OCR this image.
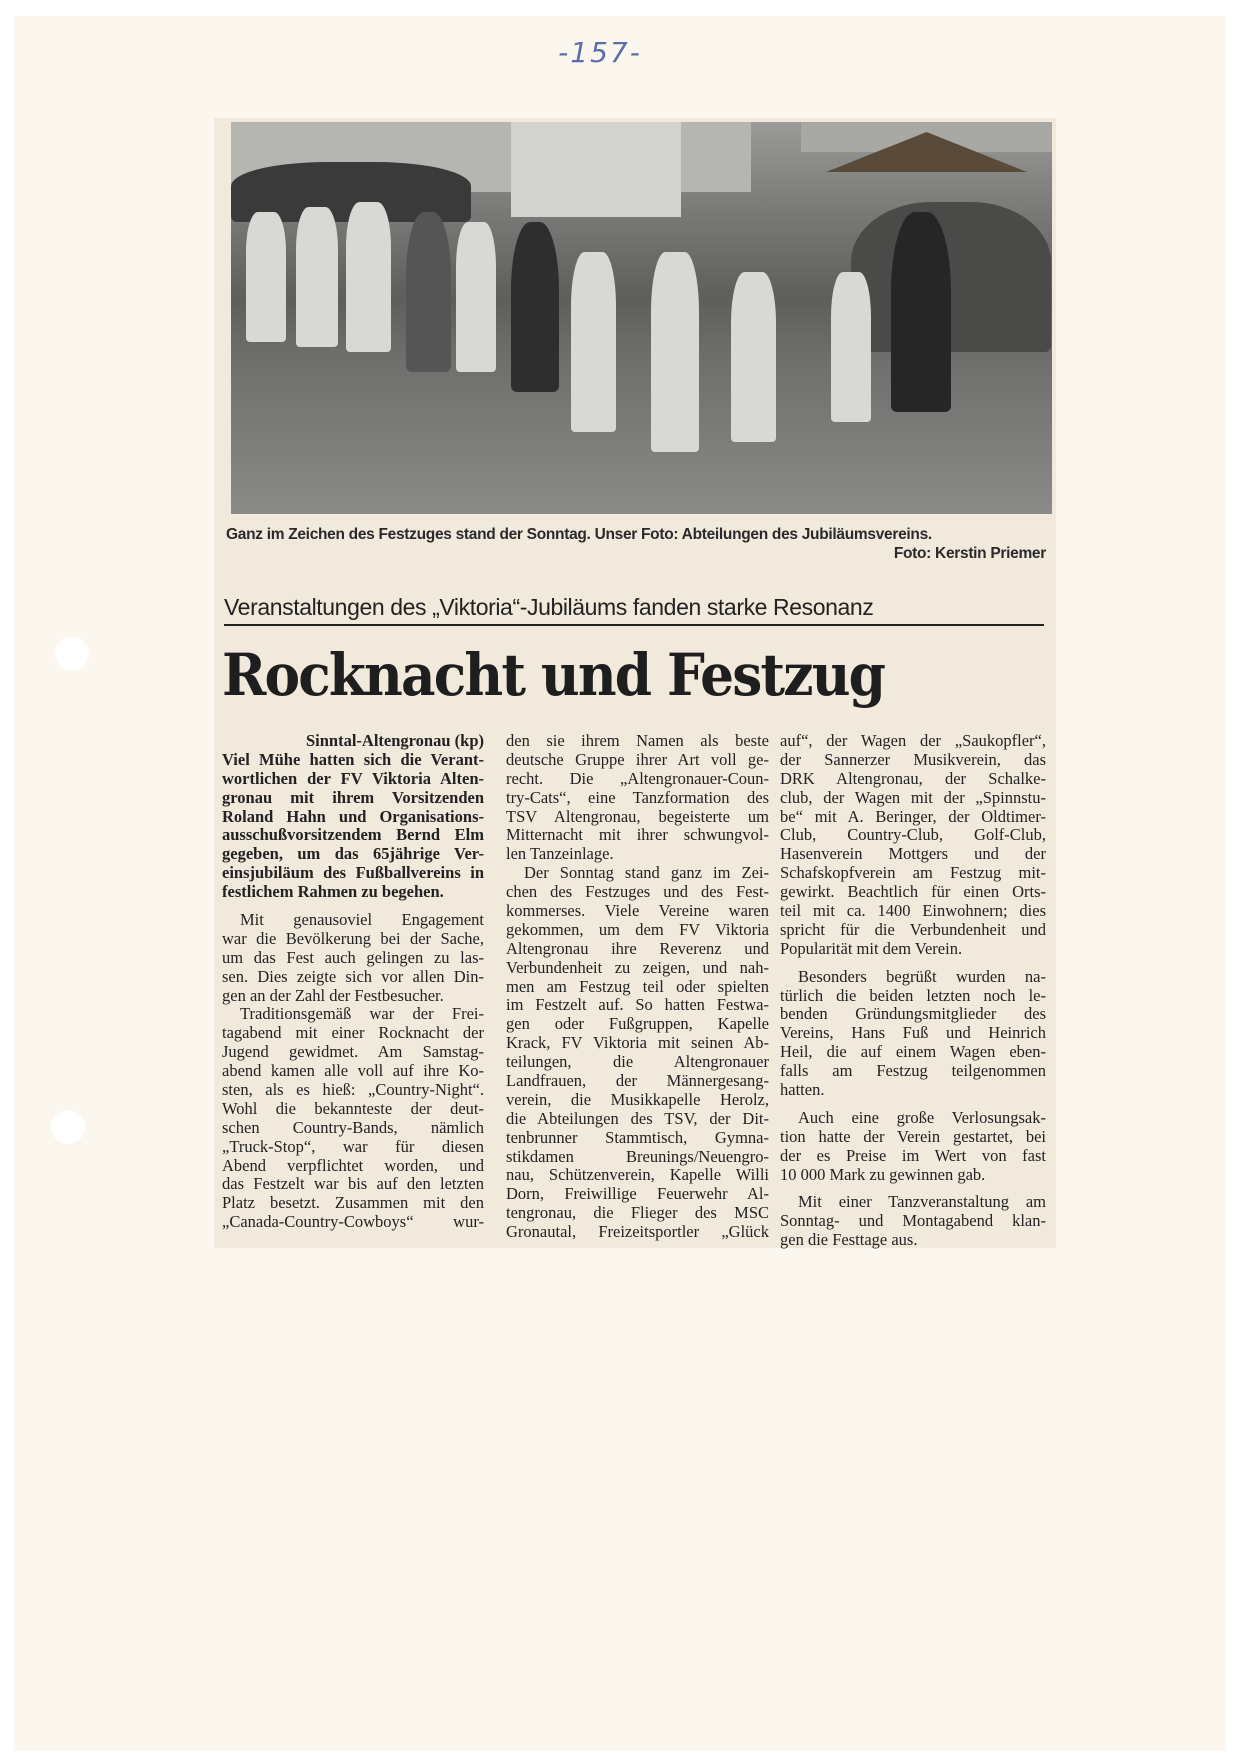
-157-
Ganz im Zeichen des Festzuges stand der Sonntag. Unser Foto: Abteilungen des Jubiläumsvereins.
Foto: Kerstin Priemer
Veranstaltungen des „Viktoria“-Jubiläums fanden starke Resonanz
Rocknacht und Festzug
Sinntal-Altengronau (kp)
Viel Mühe hatten sich die Verant-
wortlichen der FV Viktoria Alten-
gronau mit ihrem Vorsitzenden
Roland Hahn und Organisations-
ausschußvorsitzendem Bernd Elm
gegeben, um das 65jährige Ver-
einsjubiläum des Fußballvereins in
festlichem Rahmen zu begehen.
Mit genausoviel Engagement
war die Bevölkerung bei der Sache,
um das Fest auch gelingen zu las-
sen. Dies zeigte sich vor allen Din-
gen an der Zahl der Festbesucher.
Traditionsgemäß war der Frei-
tagabend mit einer Rocknacht der
Jugend gewidmet. Am Samstag-
abend kamen alle voll auf ihre Ko-
sten, als es hieß: „Country-Night“.
Wohl die bekannteste der deut-
schen Country-Bands, nämlich
„Truck-Stop“, war für diesen
Abend verpflichtet worden, und
das Festzelt war bis auf den letzten
Platz besetzt. Zusammen mit den
„Canada-Country-Cowboys“ wur-
den sie ihrem Namen als beste
deutsche Gruppe ihrer Art voll ge-
recht. Die „Altengronauer-Coun-
try-Cats“, eine Tanzformation des
TSV Altengronau, begeisterte um
Mitternacht mit ihrer schwungvol-
len Tanzeinlage.
Der Sonntag stand ganz im Zei-
chen des Festzuges und des Fest-
kommerses. Viele Vereine waren
gekommen, um dem FV Viktoria
Altengronau ihre Reverenz und
Verbundenheit zu zeigen, und nah-
men am Festzug teil oder spielten
im Festzelt auf. So hatten Festwa-
gen oder Fußgruppen, Kapelle
Krack, FV Viktoria mit seinen Ab-
teilungen, die Altengronauer
Landfrauen, der Männergesang-
verein, die Musikkapelle Herolz,
die Abteilungen des TSV, der Dit-
tenbrunner Stammtisch, Gymna-
stikdamen Breunings/Neuengro-
nau, Schützenverein, Kapelle Willi
Dorn, Freiwillige Feuerwehr Al-
tengronau, die Flieger des MSC
Gronautal, Freizeitsportler „Glück
auf“, der Wagen der „Saukopfler“,
der Sannerzer Musikverein, das
DRK Altengronau, der Schalke-
club, der Wagen mit der „Spinnstu-
be“ mit A. Beringer, der Oldtimer-
Club, Country-Club, Golf-Club,
Hasenverein Mottgers und der
Schafskopfverein am Festzug mit-
gewirkt. Beachtlich für einen Orts-
teil mit ca. 1400 Einwohnern; dies
spricht für die Verbundenheit und
Popularität mit dem Verein.
Besonders begrüßt wurden na-
türlich die beiden letzten noch le-
benden Gründungsmitglieder des
Vereins, Hans Fuß und Heinrich
Heil, die auf einem Wagen eben-
falls am Festzug teilgenommen
hatten.
Auch eine große Verlosungsak-
tion hatte der Verein gestartet, bei
der es Preise im Wert von fast
10 000 Mark zu gewinnen gab.
Mit einer Tanzveranstaltung am
Sonntag- und Montagabend klan-
gen die Festtage aus.
